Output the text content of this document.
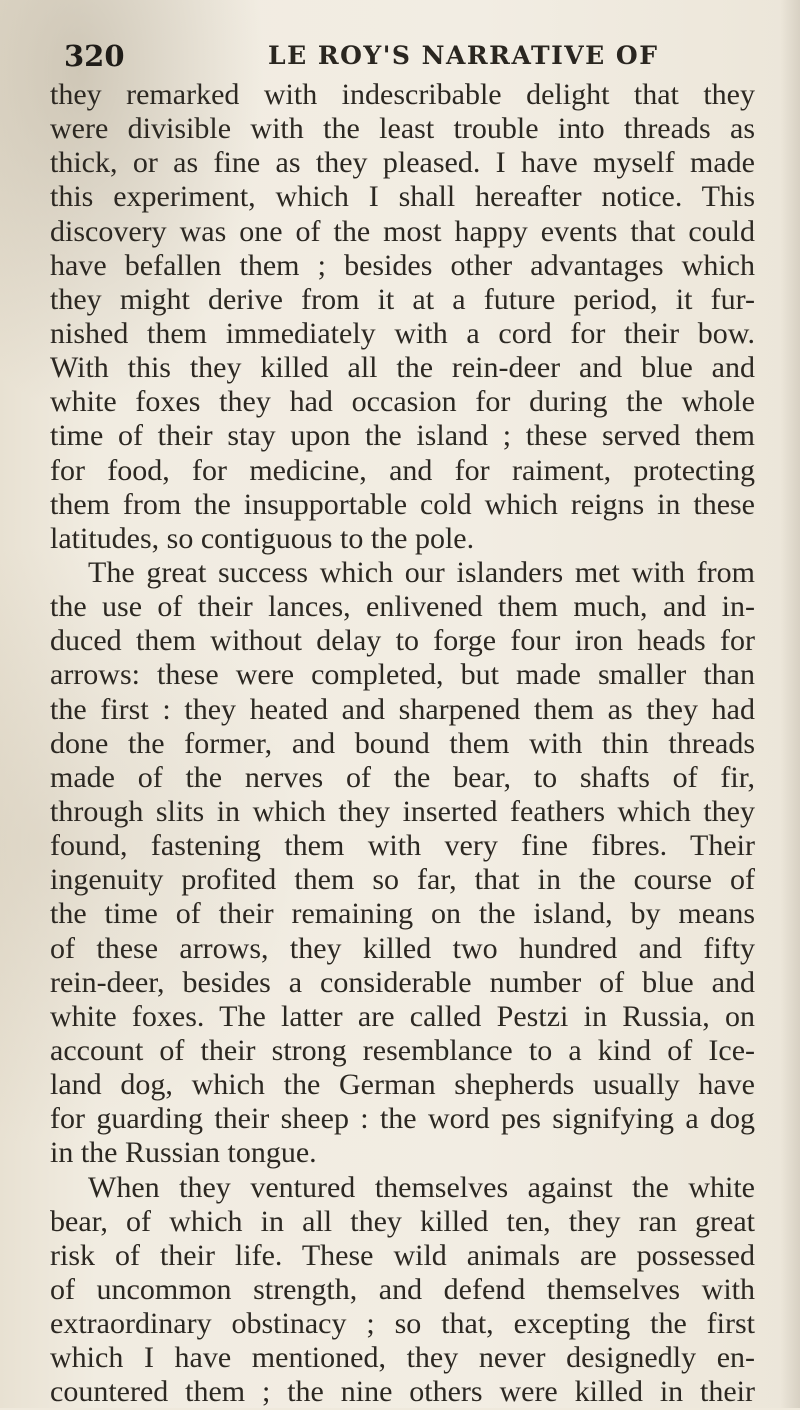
320	LE ROY'S NARRATIVE OF
they remarked with indescribable delight that they
were divisible with the least trouble into threads as
thick, or as fine as they pleased. I have myself made
this experiment, which I shall hereafter notice. This
discovery was one of the most happy events that could
have befallen them ; besides other advantages which
they might derive from it at a future period, it fur-
nished them immediately with a cord for their bow.
With this they killed all the rein-deer and blue and
white foxes they had occasion for during the whole
time of their stay upon the island ; these served them
for food, for medicine, and for raiment, protecting
them from the insupportable cold which reigns in these
latitudes, so contiguous to the pole.
The great success which our islanders met with from
the use of their lances, enlivened them much, and in-
duced them without delay to forge four iron heads for
arrows: these were completed, but made smaller than
the first : they heated and sharpened them as they had
done the former, and bound them with thin threads
made of the nerves of the bear, to shafts of fir,
through slits in which they inserted feathers which they
found, fastening them with very fine fibres. Their
ingenuity profited them so far, that in the course of
the time of their remaining on the island, by means
of these arrows, they killed two hundred and fifty
rein-deer, besides a considerable number of blue and
white foxes. The latter are called Pestzi in Russia, on
account of their strong resemblance to a kind of Ice-
land dog, which the German shepherds usually have
for guarding their sheep : the word pes signifying a dog
in the Russian tongue.
When they ventured themselves against the white
bear, of which in all they killed ten, they ran great
risk of their life. These wild animals are possessed
of uncommon strength, and defend themselves with
extraordinary obstinacy ; so that, excepting the first
which I have mentioned, they never designedly en-
countered them ; the nine others were killed in their
